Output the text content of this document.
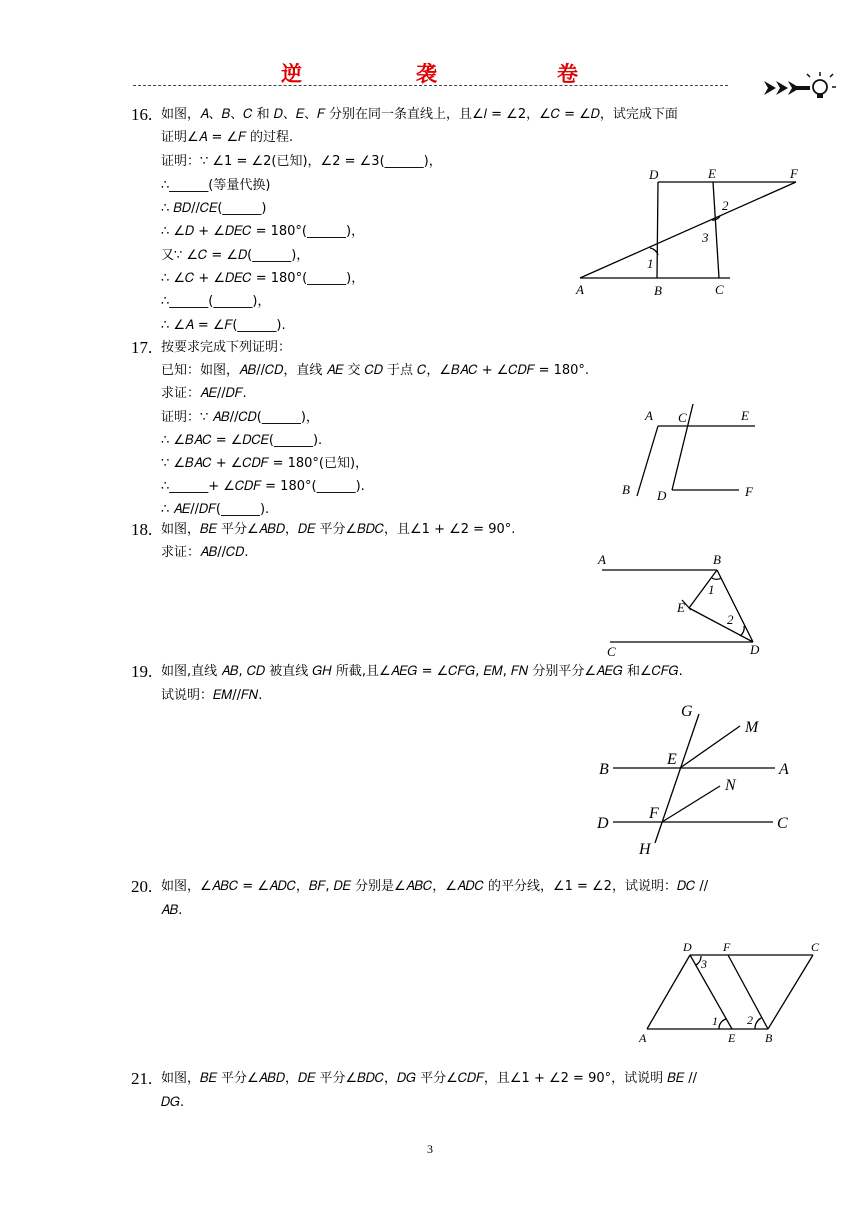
逆	袭	卷
16. 如图，𝐴、𝐵、𝐶 和 𝐷、𝐸、𝐹 分别在同一条直线上，且∠𝑙 = ∠2，∠𝐶 = ∠𝐷，试完成下面
证明∠𝐴 = ∠𝐹 的过程.
证明：∵ ∠1 = ∠2(已知)，∠2 = ∠3(______)，
∴______(等量代换)
∴ 𝐵𝐷//𝐶𝐸(______)
∴ ∠𝐷 + ∠𝐷𝐸𝐶 = 180°(______)，
又∵ ∠𝐶 = ∠𝐷(______)，
∴ ∠𝐶 + ∠𝐷𝐸𝐶 = 180°(______)，
∴______(______)，
∴ ∠𝐴 = ∠𝐹(______).
D	E	F
2
3
1
A	B	C
17. 按要求完成下列证明：
已知：如图，𝐴𝐵//𝐶𝐷，直线 𝐴𝐸 交 𝐶𝐷 于点 𝐶，∠𝐵𝐴𝐶 + ∠𝐶𝐷𝐹 = 180°.
求证：𝐴𝐸//𝐷𝐹.
证明：∵ 𝐴𝐵//𝐶𝐷(______)，
∴ ∠𝐵𝐴𝐶 = ∠𝐷𝐶𝐸(______).
∵ ∠𝐵𝐴𝐶 + ∠𝐶𝐷𝐹 = 180°(已知)，
∴______+ ∠𝐶𝐷𝐹 = 180°(______).
∴ 𝐴𝐸//𝐷𝐹(______).
A C	E
B D	F
18. 如图，𝐵𝐸 平分∠𝐴𝐵𝐷，𝐷𝐸 平分∠𝐵𝐷𝐶，且∠1 + ∠2 = 90°.
求证：𝐴𝐵//𝐶𝐷.	A	B
1
E
2
C	D
19. 如图,直线 𝐴𝐵, 𝐶𝐷 被直线 𝐺𝐻 所截,且∠𝐴𝐸𝐺 = ∠𝐶𝐹𝐺, 𝐸𝑀, 𝐹𝑁 分别平分∠𝐴𝐸𝐺 和∠𝐶𝐹𝐺.
试说明：𝐸𝑀//𝐹𝑁.
G
M
B
E
A
N
F
D	C
H
20. 如图，∠𝐴𝐵𝐶 = ∠𝐴𝐷𝐶，𝐵𝐹, 𝐷𝐸 分别是∠𝐴𝐵𝐶，∠𝐴𝐷𝐶 的平分线，∠1 = ∠2，试说明：𝐷𝐶 //
𝐴𝐵.
D	F	C
3
1 2
A	E B
21. 如图，𝐵𝐸 平分∠𝐴𝐵𝐷，𝐷𝐸 平分∠𝐵𝐷𝐶，𝐷𝐺 平分∠𝐶𝐷𝐹，且∠1 + ∠2 = 90°，试说明 𝐵𝐸 //
𝐷𝐺.
3
